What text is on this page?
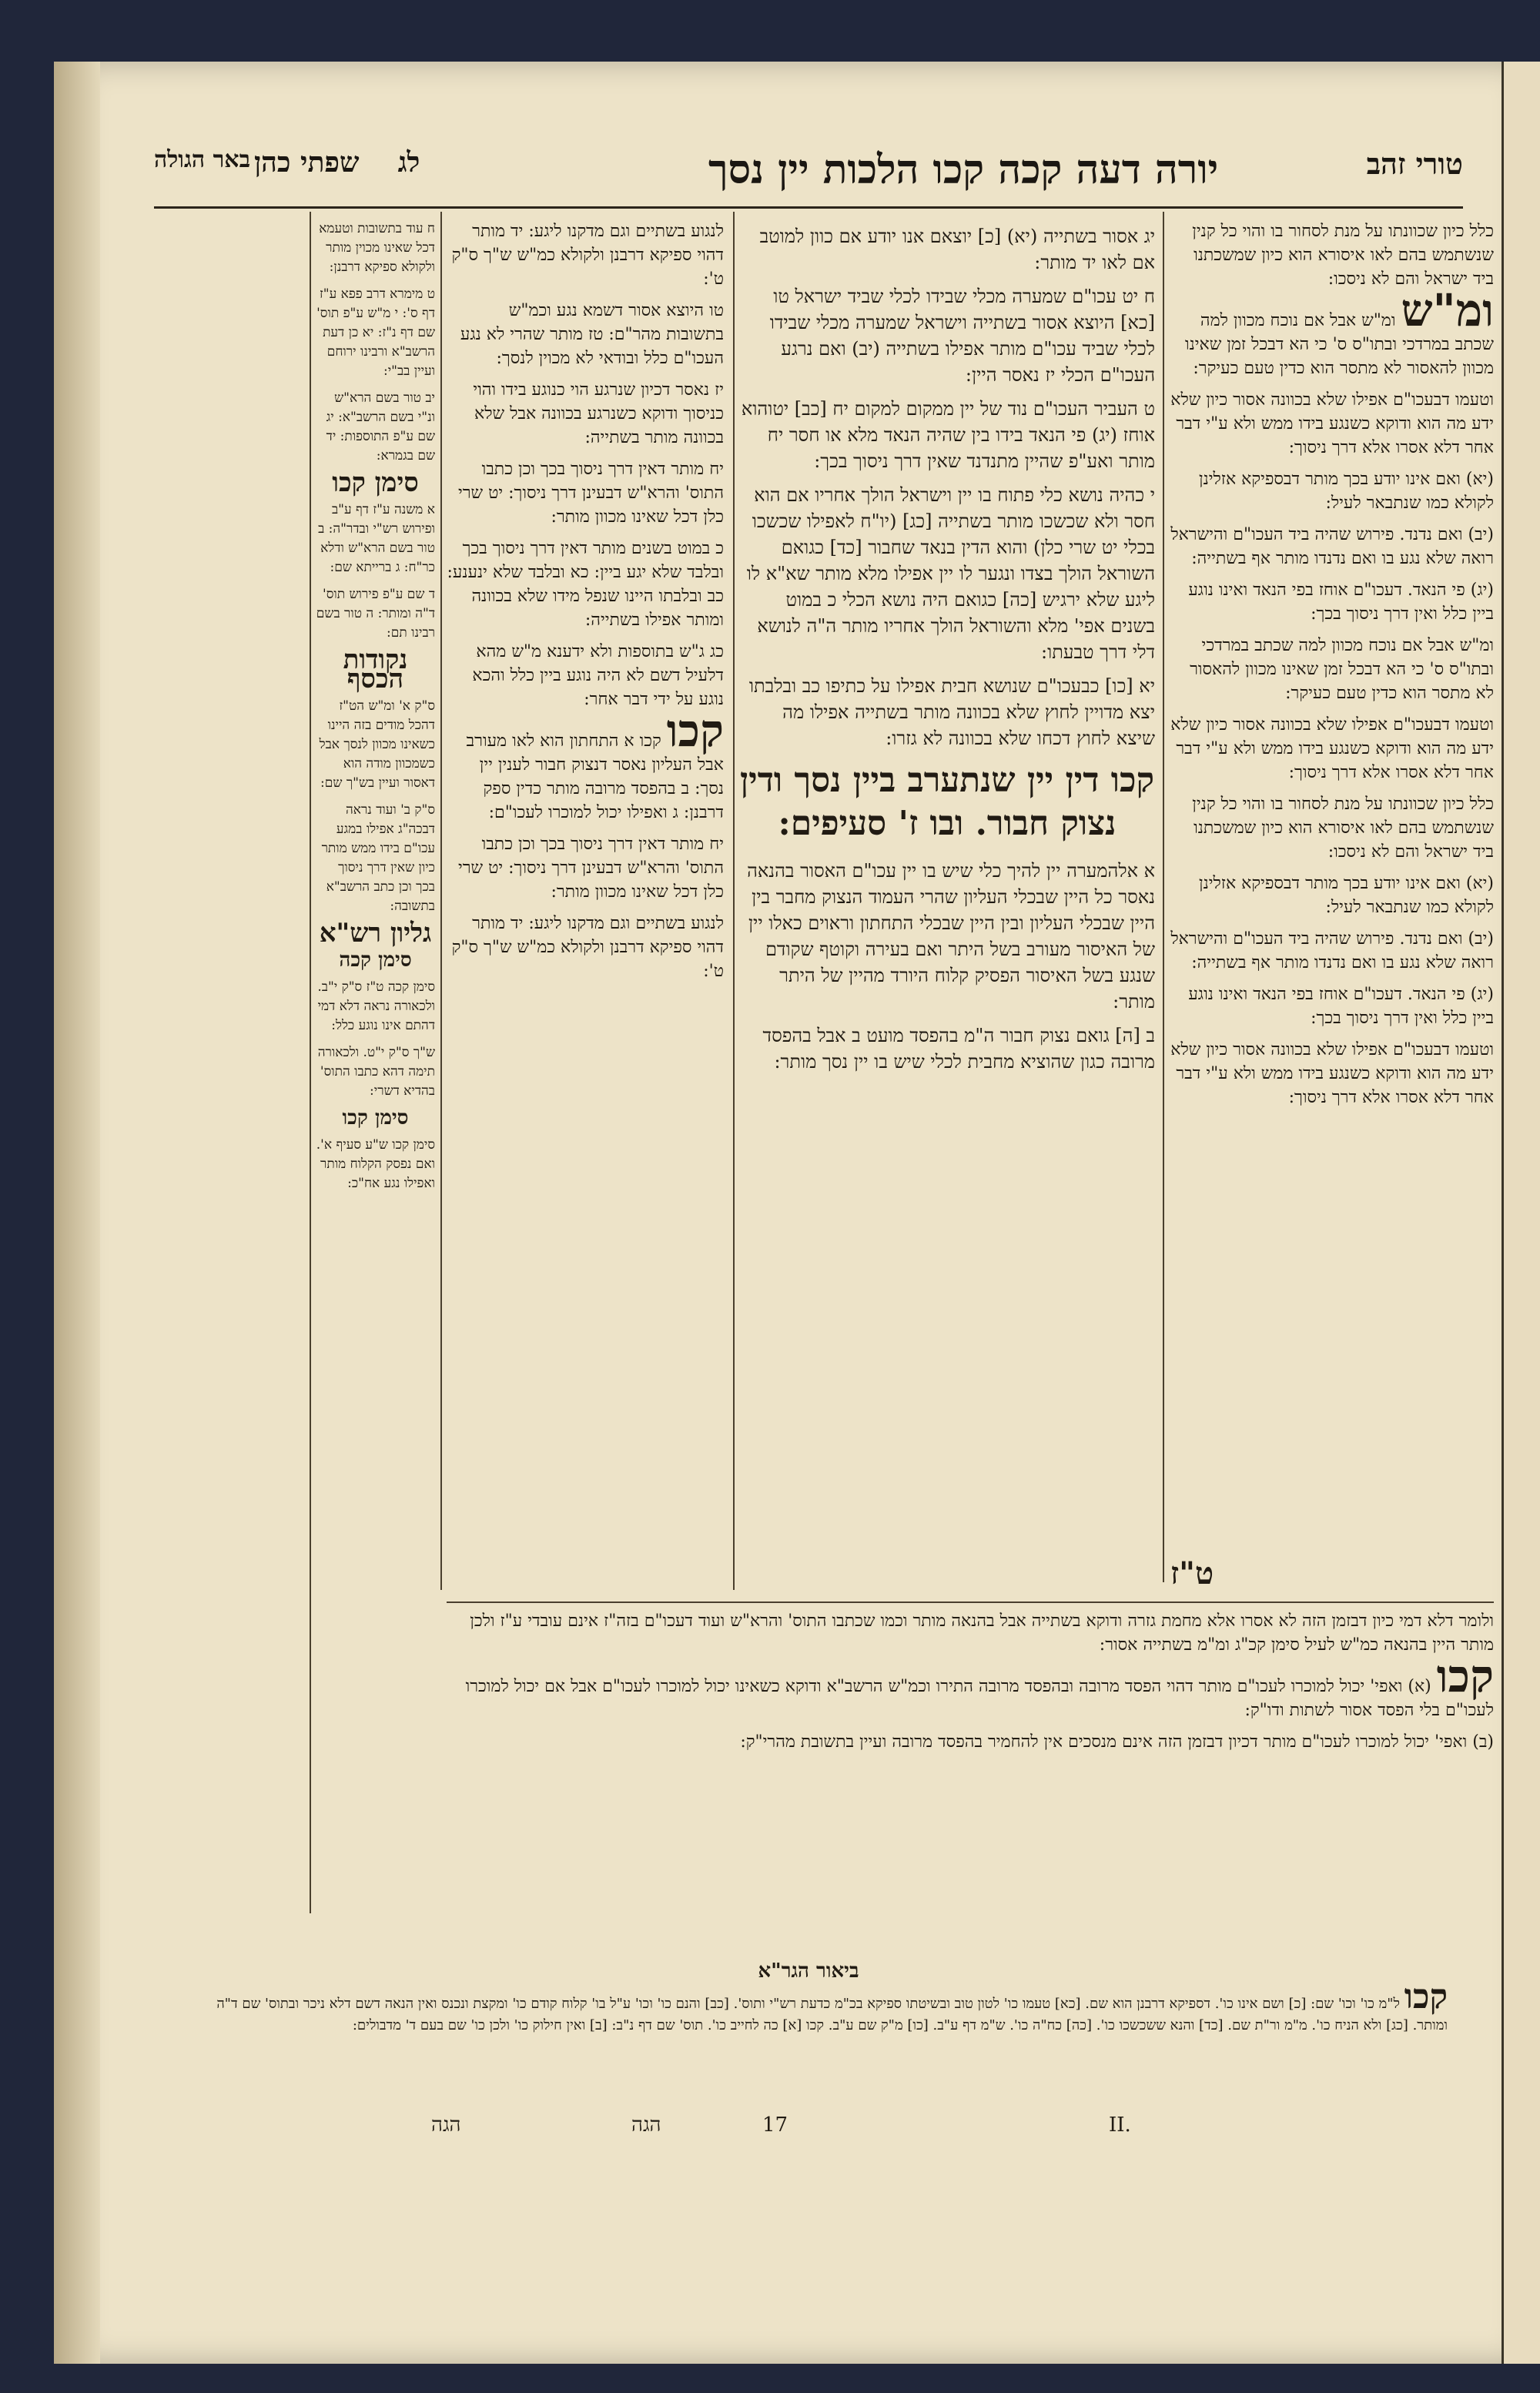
טורי זהב
יורה דעה קכה קכו הלכות יין נסך
לג    שפתי כהן
באר הגולה

כלל כיון שכוונתו על מנת לסחור בו והוי כל קנין שנשתמש בהם לאו איסורא הוא כיון שמשכתנו ביד ישראל והם לא ניסכו:

ומ"ש ומ"ש אבל אם נוכח מכוון למה שכתב במרדכי ובתו"ס ס' כי הא דבכל זמן שאינו מכוון להאסור לא מתסר הוא כדין טעם כעיקר:

וטעמו דבעכו"ם אפילו שלא בכוונה אסור כיון שלא ידע מה הוא ודוקא כשנגע בידו ממש ולא ע"י דבר אחר דלא אסרו אלא דרך ניסוך:

(יא) ואם אינו יודע בכך מותר דבספיקא אזלינן לקולא כמו שנתבאר לעיל:

(יב) ואם נדנד. פירוש שהיה ביד העכו"ם והישראל רואה שלא נגע בו ואם נדנדו מותר אף בשתייה:

(יג) פי הנאד. דעכו"ם אוחז בפי הנאד ואינו נוגע ביין כלל ואין דרך ניסוך בכך:

ומ"ש אבל אם נוכח מכוון למה שכתב במרדכי ובתו"ס ס' כי הא דבכל זמן שאינו מכוון להאסור לא מתסר הוא כדין טעם כעיקר:

וטעמו דבעכו"ם אפילו שלא בכוונה אסור כיון שלא ידע מה הוא ודוקא כשנגע בידו ממש ולא ע"י דבר אחר דלא אסרו אלא דרך ניסוך:

כלל כיון שכוונתו על מנת לסחור בו והוי כל קנין שנשתמש בהם לאו איסורא הוא כיון שמשכתנו ביד ישראל והם לא ניסכו:

(יא) ואם אינו יודע בכך מותר דבספיקא אזלינן לקולא כמו שנתבאר לעיל:

(יב) ואם נדנד. פירוש שהיה ביד העכו"ם והישראל רואה שלא נגע בו ואם נדנדו מותר אף בשתייה:

(יג) פי הנאד. דעכו"ם אוחז בפי הנאד ואינו נוגע ביין כלל ואין דרך ניסוך בכך:

וטעמו דבעכו"ם אפילו שלא בכוונה אסור כיון שלא ידע מה הוא ודוקא כשנגע בידו ממש ולא ע"י דבר אחר דלא אסרו אלא דרך ניסוך:

יג אסור בשתייה (יא) [כ] יוצאם אנו יודע אם כוון למוטב אם לאו יד מותר:

ח יט עכו"ם שמערה מכלי שבידו לכלי שביד ישראל טו [כא] היוצא אסור בשתייה וישראל שמערה מכלי שבידו לכלי שביד עכו"ם מותר אפילו בשתייה (יב) ואם נרגע העכו"ם הכלי יז נאסר היין:

ט העביר העכו"ם נוד של יין ממקום למקום יח [כב] יטוהוא אוחז (יג) פי הנאד בידו בין שהיה הנאד מלא או חסר יח מותר ואע"פ שהיין מתנדנד שאין דרך ניסוך בכך:

י כהיה נושא כלי פתוח בו יין וישראל הולך אחריו אם הוא חסר ולא שכשכו מותר בשתייה [כג] (יו"ח לאפילו שכשכו בכלי יט שרי כלן) והוא הדין בנאד שחבור [כד] כגואם השוראל הולך בצדו ונגער לו יין אפילו מלא מותר שא"א לו ליגע שלא ירגיש [כה] כגואם היה נושא הכלי כ במוט בשנים אפי' מלא והשוראל הולך אחריו מותר ה"ה לנושא דלי דרך טבעתו:

יא [כו] כבעכו"ם שנושא חבית אפילו על כתיפו כב ובלבתו יצא מדויין לחוץ שלא בכוונה מותר בשתייה אפילו מה שיצא לחוץ דכחו שלא בכוונה לא גזרו:

קכו דין יין שנתערב ביין נסך ודין נצוק חבור. ובו ז' סעיפים:

א אלהמערה יין להיך כלי שיש בו יין עכו"ם האסור בהנאה נאסר כל היין שבכלי העליון שהרי העמוד הנצוק מחבר בין היין שבכלי העליון ובין היין שבכלי התחתון וראוים כאלו יין של האיסור מעורב בשל היתר ואם בעירה וקוטף שקודם שנגע בשל האיסור הפסיק קלוח היורד מהיין של היתר מותר:

ב [ה] גואם נצוק חבור ה"מ בהפסד מועט ב אבל בהפסד מרובה כגון שהוציא מחבית לכלי שיש בו יין נסך מותר:

לנגוע בשתיים וגם מדקנו ליגע: יד מותר דהוי ספיקא דרבנן ולקולא כמ"ש ש"ך ס"ק ט':

טו היוצא אסור דשמא נגע וכמ"ש בתשובות מהר"ם: טז מותר שהרי לא נגע העכו"ם כלל ובודאי לא מכוין לנסך:

יז נאסר דכיון שנרגע הוי כנוגע בידו והוי כניסוך ודוקא כשנרגע בכוונה אבל שלא בכוונה מותר בשתייה:

יח מותר דאין דרך ניסוך בכך וכן כתבו התוס' והרא"ש דבעינן דרך ניסוך: יט שרי כלן דכל שאינו מכוון מותר:

כ במוט בשנים מותר דאין דרך ניסוך בכך ובלבד שלא יגע ביין: כא ובלבד שלא ינענע: כב ובלבתו היינו שנפל מידו שלא בכוונה ומותר אפילו בשתייה:

כג ג"ש בתוספות ולא ידענא מ"ש מהא דלעיל דשם לא היה נוגע ביין כלל והכא נוגע על ידי דבר אחר:

קכו קכו א התחתון הוא לאו מעורב אבל העליון נאסר דנצוק חבור לענין יין נסך: ב בהפסד מרובה מותר כדין ספק דרבנן: ג ואפילו יכול למוכרו לעכו"ם:

יח מותר דאין דרך ניסוך בכך וכן כתבו התוס' והרא"ש דבעינן דרך ניסוך: יט שרי כלן דכל שאינו מכוון מותר:

לנגוע בשתיים וגם מדקנו ליגע: יד מותר דהוי ספיקא דרבנן ולקולא כמ"ש ש"ך ס"ק ט':

ח עוד בתשובות וטעמא דכל שאינו מכוין מותר ולקולא ספיקא דרבנן:

ט מימרא דרב פפא ע"ז דף ס': י מ"ש ע"פ תוס' שם דף נ"ז: יא כן דעת הרשב"א ורבינו ירוחם ועיין בב"י:

יב טור בשם הרא"ש ונ"י בשם הרשב"א: יג שם ע"פ התוספות: יד שם בגמרא:

סימן קכו

א משנה ע"ז דף ע"ב ופירוש רש"י ובדר"ה: ב טור בשם הרא"ש ודלא כר"ח: ג ברייתא שם:

ד שם ע"פ פירוש תוס' ד"ה ומותר: ה טור בשם רבינו תם:

נקודות הכסף

ס"ק א' ומ"ש הט"ז דהכל מודים בזה היינו כשאינו מכוון לנסך אבל כשמכוון מודה הוא דאסור ועיין בש"ך שם:

ס"ק ב' ועוד נראה דבכה"ג אפילו במגע עכו"ם בידו ממש מותר כיון שאין דרך ניסוך בכך וכן כתב הרשב"א בתשובה:

גליון רש"א
סימן קכה

סימן קכה ט"ז ס"ק י"ב. ולכאורה נראה דלא דמי דהתם אינו נוגע כלל:

ש"ך ס"ק י"ט. ולכאורה תימה דהא כתבו התוס' בהדיא דשרי:

סימן קכו

סימן קכו ש"ע סעיף א'. ואם נפסק הקלוח מותר ואפילו נגע אח"כ:

ולומר דלא דמי כיון דבזמן הזה לא אסרו אלא מחמת גזרה ודוקא בשתייה אבל בהנאה מותר וכמו שכתבו התוס' והרא"ש ועוד דעכו"ם בזה"ז אינם עובדי ע"ז ולכן מותר היין בהנאה כמ"ש לעיל סימן קכ"ג ומ"מ בשתייה אסור:

קכו (א) ואפי' יכול למוכרו לעכו"ם מותר דהוי הפסד מרובה ובהפסד מרובה התירו וכמ"ש הרשב"א ודוקא כשאינו יכול למוכרו לעכו"ם אבל אם יכול למוכרו לעכו"ם בלי הפסד אסור לשתות ודו"ק:

(ב) ואפי' יכול למוכרו לעכו"ם מותר דכיון דבזמן הזה אינם מנסכים אין להחמיר בהפסד מרובה ועיין בתשובת מהרי"ק:

ביאור הגר"א
קכו ל"מ כו' וכו' שם: [כ] ושם אינו כו'. דספיקא דרבנן הוא שם. [כא] טעמו כו' לטון טוב ובשיטתו ספיקא בכ"מ כדעת רש"י ותוס'. [כב] והנם כו' וכו' ע"ל בו' קלוח קודם כו' ומקצת ונכנס ואין הנאה דשם דלא ניכר ובתוס' שם ד"ה ומותר. [כג] ולא הניח כו'. מ"מ ור"ת שם. [כד] והנא ששכשכו כו'. [כה] כח"ה כו'. ש"מ דף ע"ב. [כו] מ"ק שם ע"ב. קכו [א] כה לחייב כו'. תוס' שם דף נ"ב: [ב] ואין חילוק כו' ולכן כו' שם בעם ד' מדבולים:
17	II.
הגה	הגה
ט"ז
